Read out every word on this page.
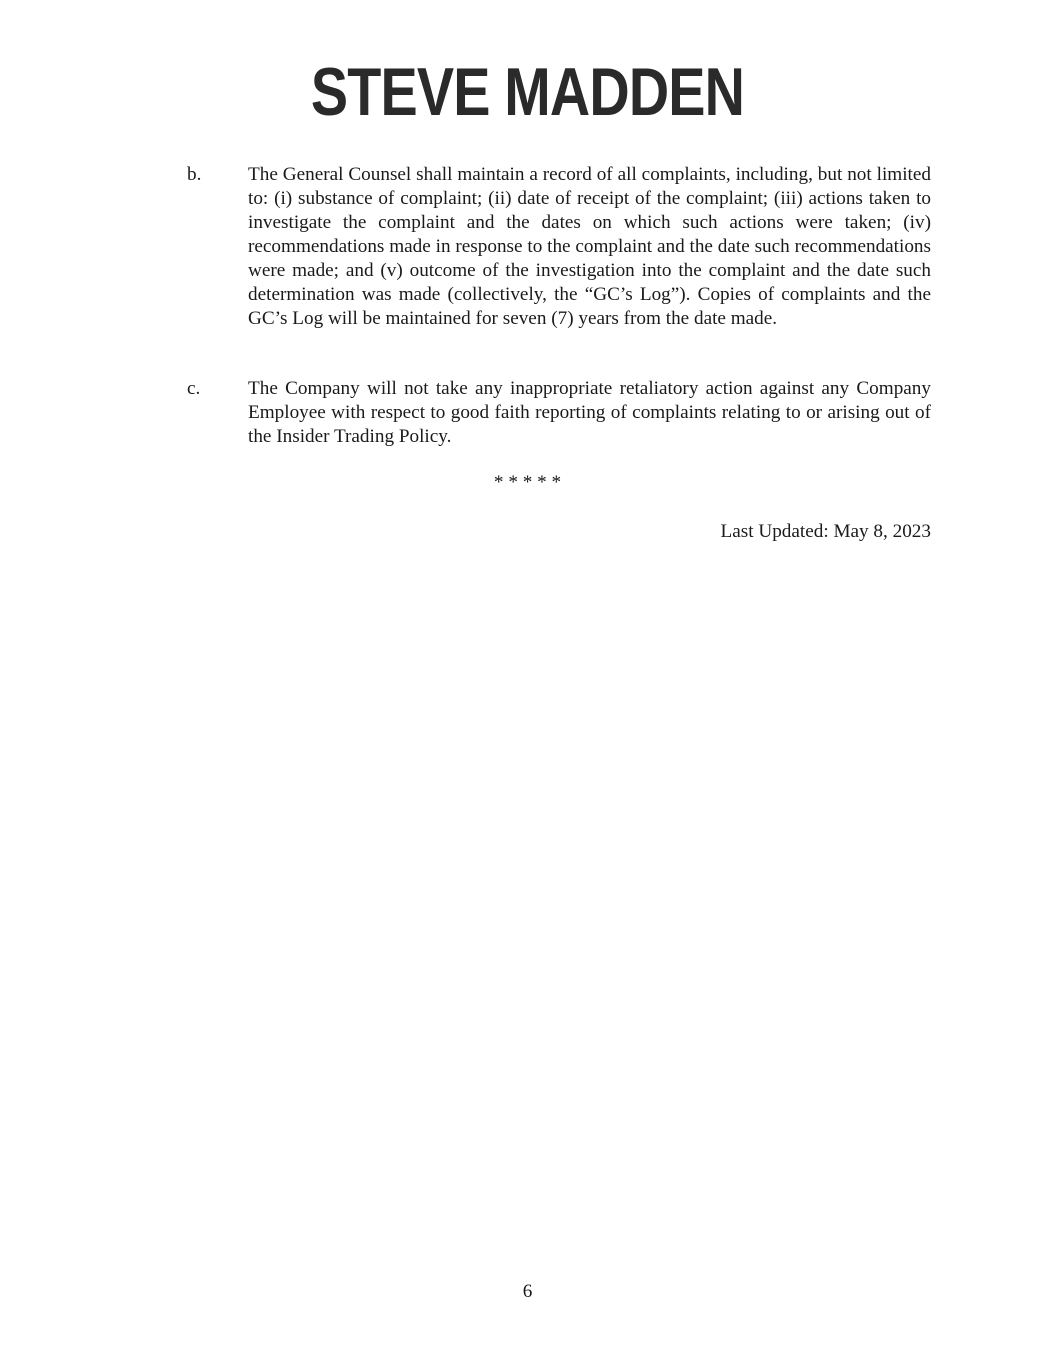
STEVE MADDEN
b. The General Counsel shall maintain a record of all complaints, including, but not limited to: (i) substance of complaint; (ii) date of receipt of the complaint; (iii) actions taken to investigate the complaint and the dates on which such actions were taken; (iv) recommendations made in response to the complaint and the date such recommendations were made; and (v) outcome of the investigation into the complaint and the date such determination was made (collectively, the “GC’s Log”). Copies of complaints and the GC’s Log will be maintained for seven (7) years from the date made.
c. The Company will not take any inappropriate retaliatory action against any Company Employee with respect to good faith reporting of complaints relating to or arising out of the Insider Trading Policy.
* * * * *
Last Updated: May 8, 2023
6
